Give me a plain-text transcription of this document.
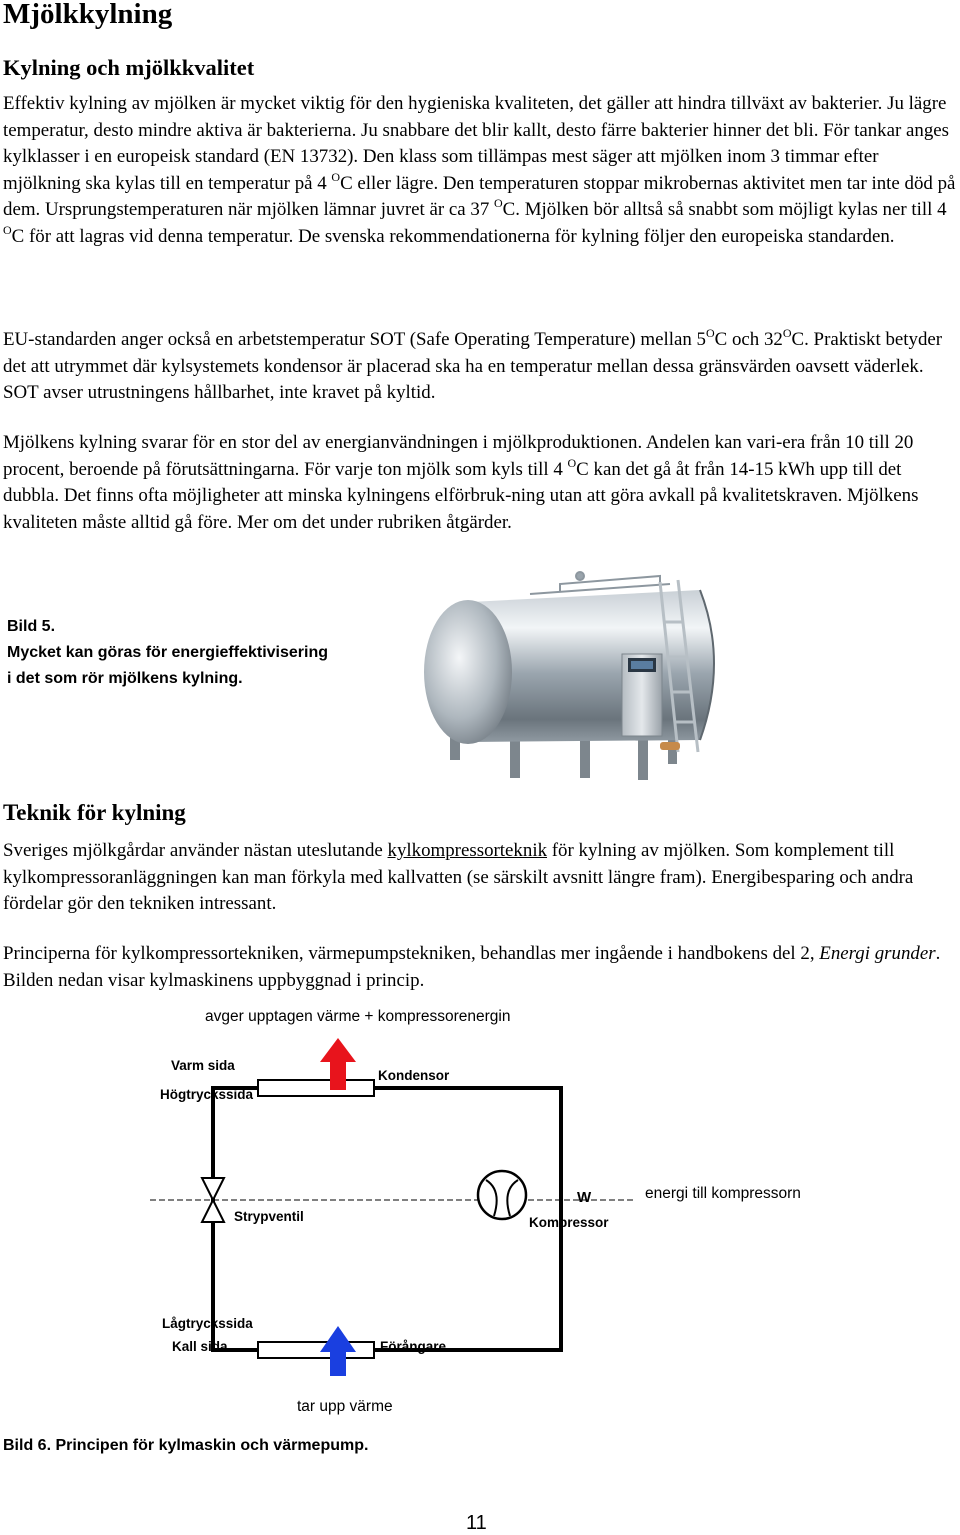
Mjölkkylning
Kylning och mjölkkvalitet

Effektiv kylning av mjölken är mycket viktig för den hygieniska kvaliteten, det gäller att hindra tillväxt av bakterier. Ju lägre temperatur, desto mindre aktiva är bakterierna. Ju snabbare det blir kallt, desto färre bakterier hinner det bli. För tankar anges kylklasser i en europeisk standard (EN 13732). Den klass som tillämpas mest säger att mjölken inom 3 timmar efter mjölkning ska kylas till en temperatur på 4 $^O$C eller lägre. Den temperaturen stoppar mikrobernas aktivitet men tar inte död på dem. Ursprungstemperaturen när mjölken lämnar juvret är ca 37 $^O$C. Mjölken bör alltså så snabbt som möjligt kylas ner till 4 $^O$C för att lagras vid denna temperatur. De svenska rekommendationerna för kylning följer den europeiska standarden.

EU-standarden anger också en arbetstemperatur SOT (Safe Operating Temperature) mellan $5^OC$ och $32^OC$. Praktiskt betyder det att utrymmet där kylsystemets kondensor är placerad ska ha en temperatur mellan dessa gränsvärden oavsett väderlek. SOT avser utrustningens hållbarhet, inte kravet på kyltid.

Mjölkens kylning svarar för en stor del av energianvändningen i mjölkproduktionen. Andelen kan vari-era från 10 till 20 procent, beroende på förutsättningarna. För varje ton mjölk som kyls till 4 $^O$C kan det gå åt från 14-15 kWh upp till det dubbla. Det finns ofta möjligheter att minska kylningens elförbruk-ning utan att göra avkall på kvalitetskraven. Mjölkens kvaliteten måste alltid gå före. Mer om det under rubriken åtgärder.

Bild 5.
Mycket kan göras för energieffektivisering
i det som rör mjölkens kylning.
Teknik för kylning

Sveriges mjölkgårdar använder nästan uteslutande kylkompressorteknik för kylning av mjölken. Som komplement till kylkompressoranläggningen kan man förkyla med kallvatten (se särskilt avsnitt längre fram). Energibesparing och andra fördelar gör den tekniken intressant.

Principerna för kylkompressortekniken, värmepumpstekniken, behandlas mer ingående i handbokens del 2, Energi grunder. Bilden nedan visar kylmaskinens uppbyggnad i princip.

avger upptagen värme + kompressorenergin
Varm sida
Högtryckssida
Kondensor
Strypventil
W
Kompressor
energi till kompressorn
Lågtryckssida
Kall sida	Förångare
tar upp värme
Bild 6. Principen för kylmaskin och värmepump.
11
